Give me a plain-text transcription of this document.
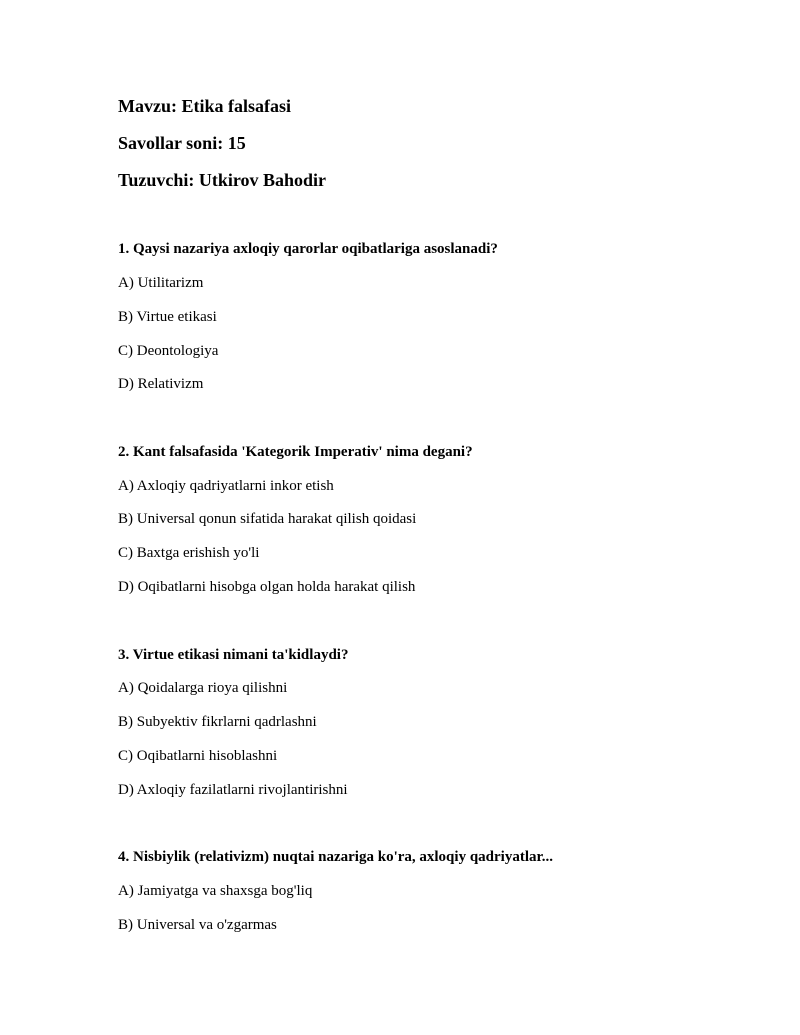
Mavzu: Etika falsafasi
Savollar soni: 15
Tuzuvchi: Utkirov Bahodir
1. Qaysi nazariya axloqiy qarorlar oqibatlariga asoslanadi?
A) Utilitarizm
B) Virtue etikasi
C) Deontologiya
D) Relativizm
2. Kant falsafasida 'Kategorik Imperativ' nima degani?
A) Axloqiy qadriyatlarni inkor etish
B) Universal qonun sifatida harakat qilish qoidasi
C) Baxtga erishish yo'li
D) Oqibatlarni hisobga olgan holda harakat qilish
3. Virtue etikasi nimani ta'kidlaydi?
A) Qoidalarga rioya qilishni
B) Subyektiv fikrlarni qadrlashni
C) Oqibatlarni hisoblashni
D) Axloqiy fazilatlarni rivojlantirishni
4. Nisbiylik (relativizm) nuqtai nazariga ko'ra, axloqiy qadriyatlar...
A) Jamiyatga va shaxsga bog'liq
B) Universal va o'zgarmas
